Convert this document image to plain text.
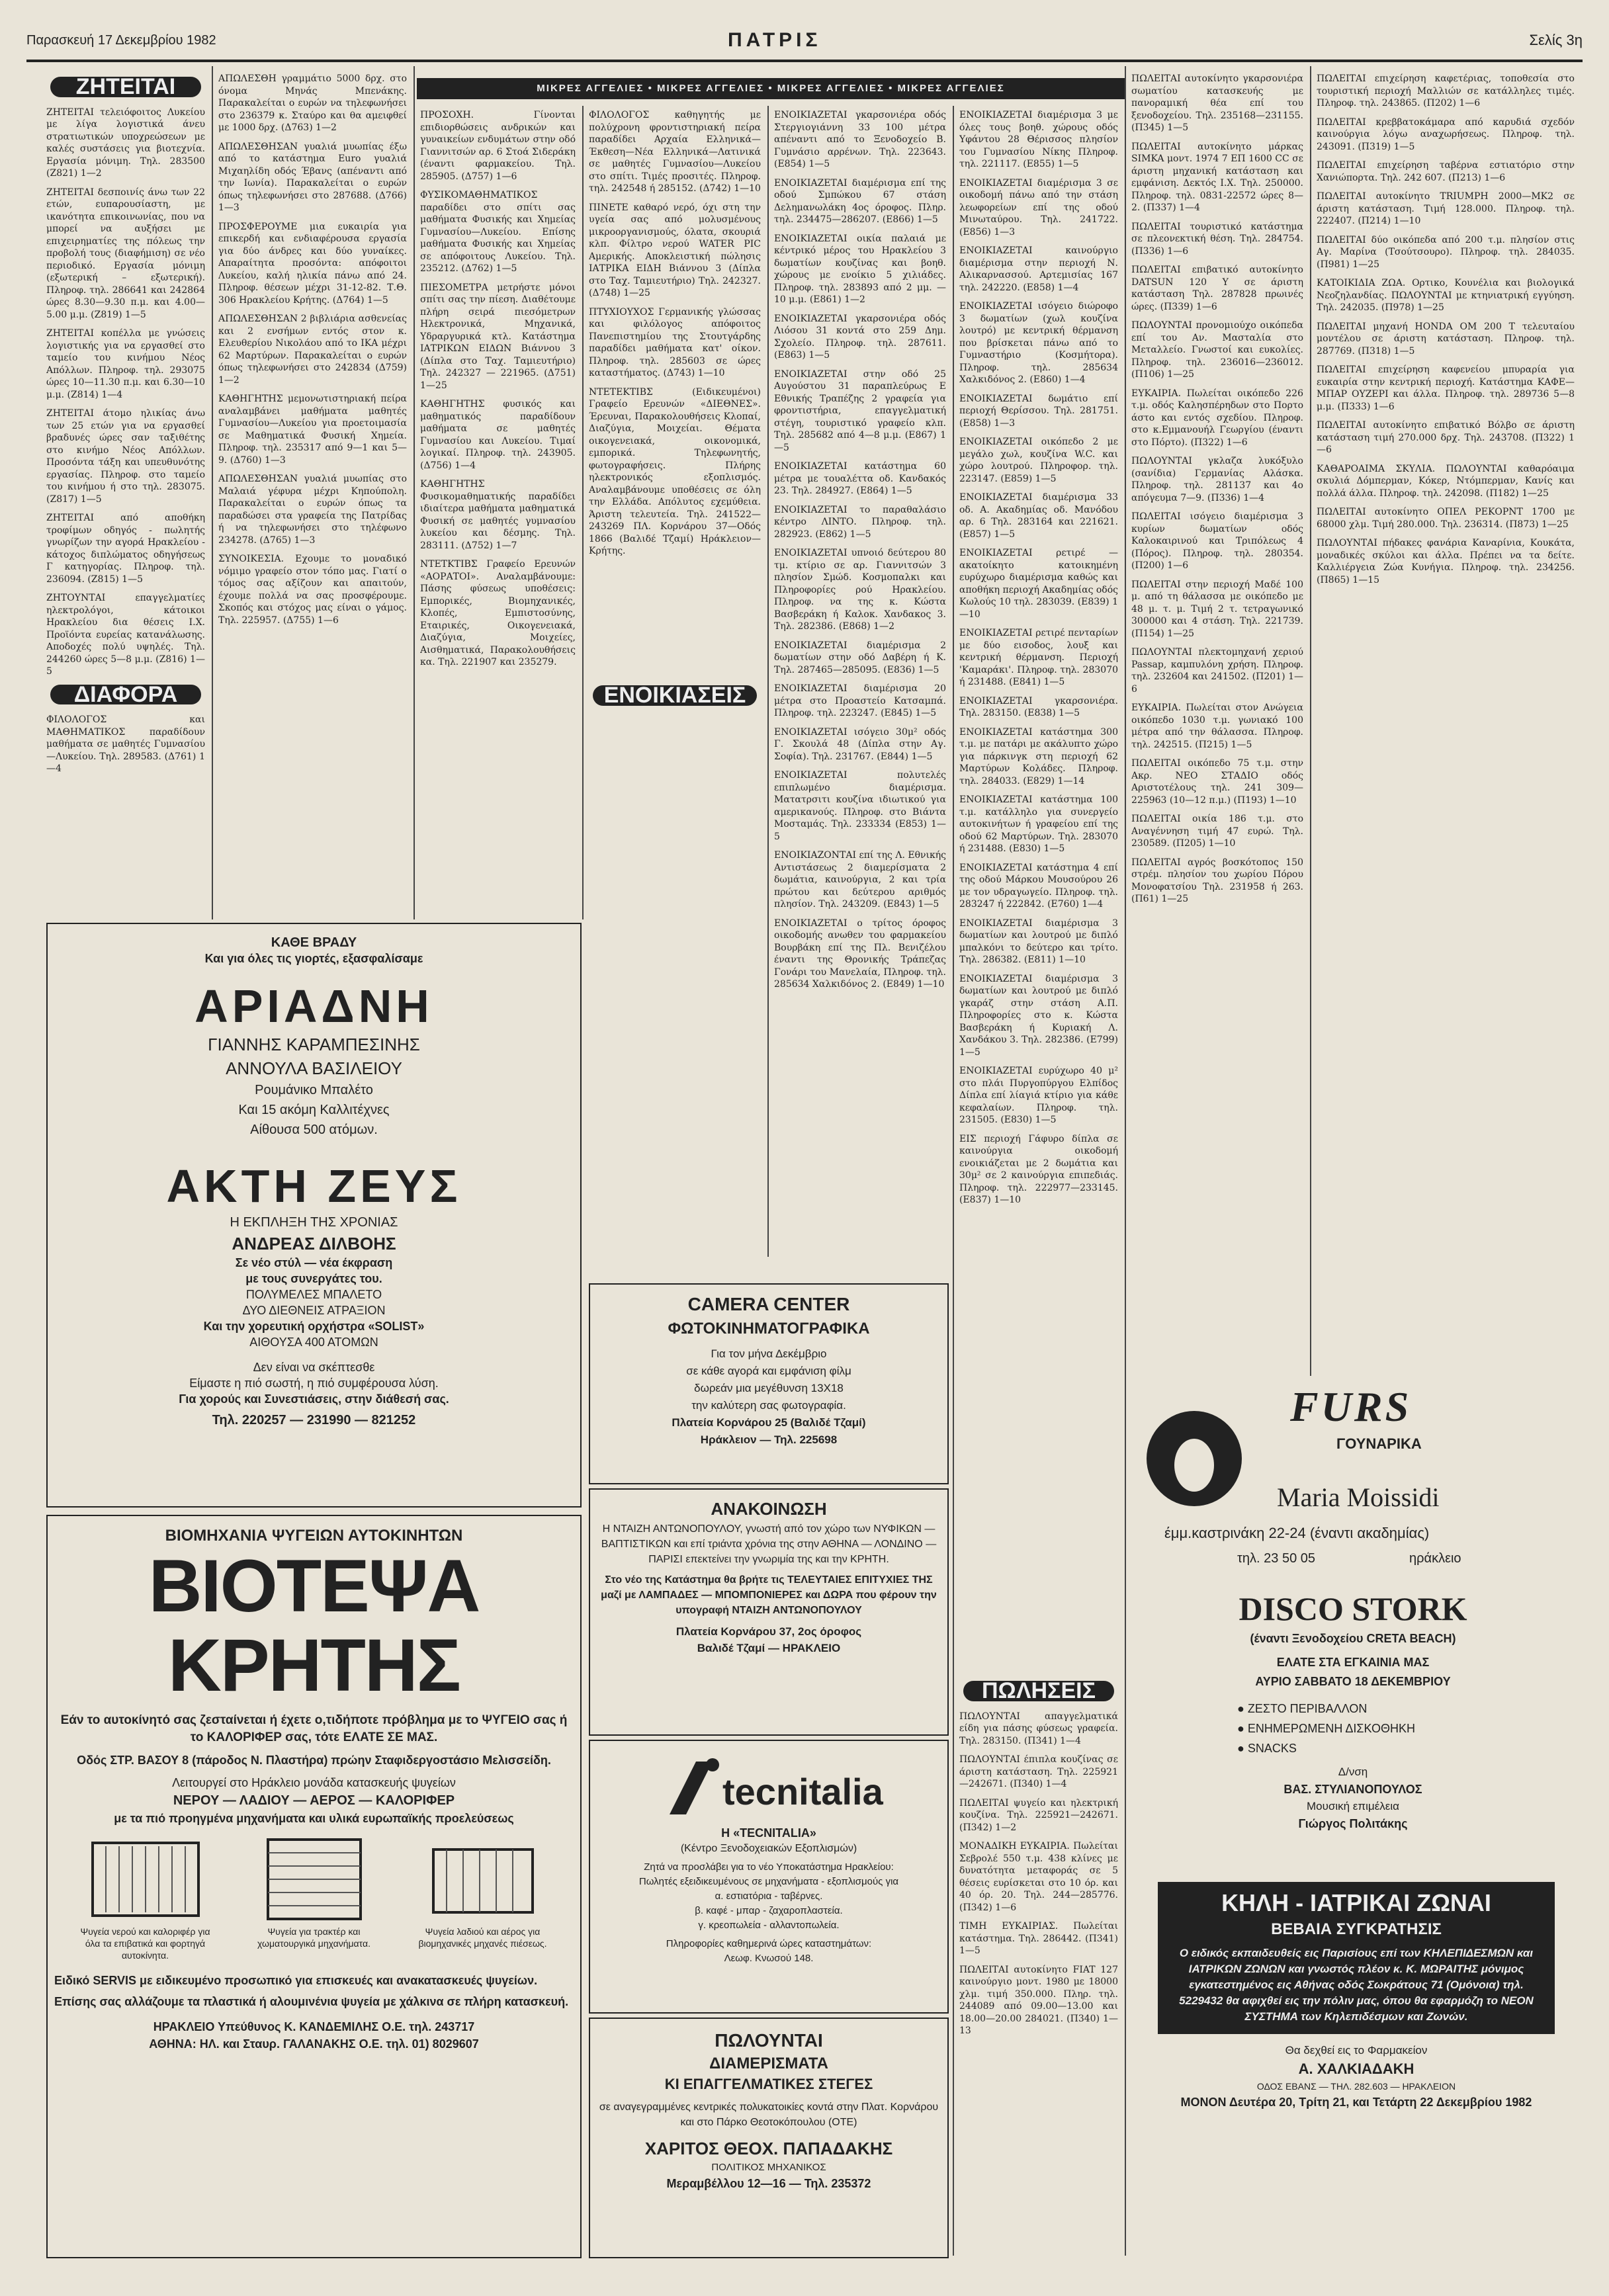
Παρασκευή 17 Δεκεμβρίου 1982	ΠΑΤΡΙΣ	Σελίς 3η
ΜΙΚΡΕΣ ΑΓΓΕΛΙΕΣ • ΜΙΚΡΕΣ ΑΓΓΕΛΙΕΣ • ΜΙΚΡΕΣ ΑΓΓΕΛΙΕΣ • ΜΙΚΡΕΣ ΑΓΓΕΛΙΕΣ
ΖΗΤΕΙΤΑΙ

ΖΗΤΕΙΤΑΙ τελειόφοιτος Λυκείου με λίγα λογιστικά άνευ στρατιωτικών υποχρεώσεων με καλές συστάσεις για βιοτεχνία. Εργασία μόνιμη. Τηλ. 283500 (Ζ821) 1—2

ΖΗΤΕΙΤΑΙ δεσποινίς άνω των 22 ετών, ευπαρουσίαστη, με ικανότητα επικοινωνίας, που να μπορεί να αυξήσει με επιχειρηματίες της πόλεως την προβολή τους (διαφήμιση) σε νέο περιοδικό. Εργασία μόνιμη (εξωτερική – εξωτερική). Πληροφ. τηλ. 286641 και 242864 ώρες 8.30—9.30 π.μ. και 4.00—5.00 μ.μ. (Ζ819) 1—5

ΖΗΤΕΙΤΑΙ κοπέλλα με γνώσεις λογιστικής για να εργασθεί στο ταμείο του κινήμου Νέος Απόλλων. Πληροφ. τηλ. 293075 ώρες 10—11.30 π.μ. και 6.30—10 μ.μ. (Ζ814) 1—4

ΖΗΤΕΙΤΑΙ άτομο ηλικίας άνω των 25 ετών για να εργασθεί βραδυνές ώρες σαν ταξιθέτης στο κινήμο Νέος Απόλλων. Προσόντα τάξη και υπευθυνότης εργασίας. Πληροφ. στο ταμείο του κινήμου ή στο τηλ. 283075. (Ζ817) 1—5

ΖΗΤΕΙΤΑΙ από αποθήκη τροφίμων οδηγός - πωλητής γνωρίζων την αγορά Ηρακλείου - κάτοχος διπλώματος οδηγήσεως Γ κατηγορίας. Πληροφ. τηλ. 236094. (Ζ815) 1—5

ΖΗΤΟΥΝΤΑΙ επαγγελματίες ηλεκτρολόγοι, κάτοικοι Ηρακλείου δια θέσεις Ι.Χ. Προϊόντα ευρείας κατανάλωσης. Αποδοχές πολύ υψηλές. Τηλ. 244260 ώρες 5—8 μ.μ. (Ζ816) 1—5

ΔΙΑΦΟΡΑ

ΦΙΛΟΛΟΓΟΣ και ΜΑΘΗΜΑΤΙΚΟΣ παραδίδουν μαθήματα σε μαθητές Γυμνασίου—Λυκείου. Τηλ. 289583. (Δ761) 1—4

ΑΠΩΛΕΣΘΗ γραμμάτιο 5000 δρχ. στο όνομα Μηνάς Μπενάκης. Παρακαλείται ο ευρών να τηλεφωνήσει στο 236379 κ. Σταύρο και θα αμειφθεί με 1000 δρχ. (Δ763) 1—2

ΑΠΩΛΕΣΘΗΣΑΝ γυαλιά μυωπίας έξω από το κατάστημα Euro γυαλιά Μιχαηλίδη οδός Έβανς (απέναντι από την Ιωνία). Παρακαλείται ο ευρών όπως τηλεφωνήσει στο 287688. (Δ766) 1—3

ΠΡΟΣΦΕΡΟΥΜΕ μια ευκαιρία για επικερδή και ενδιαφέρουσα εργασία για δύο άνδρες και δύο γυναίκες. Απαραίτητα προσόντα: απόφοιτοι Λυκείου, καλή ηλικία πάνω από 24. Πληροφ. θέσεων μέχρι 31-12-82. Τ.Θ. 306 Ηρακλείου Κρήτης. (Δ764) 1—5

ΑΠΩΛΕΣΘΗΣΑΝ 2 βιβλιάρια ασθενείας και 2 ενσήμων εντός στον κ. Ελευθερίου Νικολάου από το ΙΚΑ μέχρι 62 Μαρτύρων. Παρακαλείται ο ευρών όπως τηλεφωνήσει στο 242834 (Δ759) 1—2

ΚΑΘΗΓΗΤΗΣ μεμονωτιστηριακή πείρα αναλαμβάνει μαθήματα μαθητές Γυμνασίου—Λυκείου για προετοιμασία σε Μαθηματικά Φυσική Χημεία. Πληροφ. τηλ. 235317 από 9—1 και 5—9. (Δ760) 1—3

ΑΠΩΛΕΣΘΗΣΑΝ γυαλιά μυωπίας στο Μαλαιά γέφυρα μέχρι Κηπούπολη. Παρακαλείται ο ευρών όπως τα παραδώσει στα γραφεία της Πατρίδας ή να τηλεφωνήσει στο τηλέφωνο 234278. (Δ765) 1—3

ΣΥΝΟΙΚΕΣΙΑ. Εχουμε το μοναδικό νόμιμο γραφείο στον τόπο μας. Γιατί ο τόμος σας αξίζουν και απαιτούν, έχουμε πολλά να σας προσφέρουμε. Σκοπός και στόχος μας είναι ο γάμος. Τηλ. 225957. (Δ755) 1—6

ΠΡΟΣΟΧΗ. Γίνονται επιδιορθώσεις ανδρικών και γυναικείων ενδυμάτων στην οδό Γιαννιτσών αρ. 6 Στοά Σιδεράκη (έναντι φαρμακείου. Τηλ. 285905. (Δ757) 1—6

ΦΥΣΙΚΟΜΑΘΗΜΑΤΙΚΟΣ παραδίδει στο σπίτι σας μαθήματα Φυσικής και Χημείας Γυμνασίου—Λυκείου. Επίσης μαθήματα Φυσικής και Χημείας σε απόφοιτους Λυκείου. Τηλ. 235212. (Δ762) 1—5

ΠΙΕΣΟΜΕΤΡΑ μετρήστε μόνοι σπίτι σας την πίεση. Διαθέτουμε πλήρη σειρά πιεσόμετρων Ηλεκτρονικά, Μηχανικά, Υδραργυρικά κτλ. Κατάστημα ΙΑΤΡΙΚΩΝ ΕΙΔΩΝ Βιάννου 3 (Δίπλα στο Ταχ. Ταμιευτήριο) Τηλ. 242327 — 221965. (Δ751) 1—25

ΚΑΘΗΓΗΤΗΣ φυσικός και μαθηματικός παραδίδουν μαθήματα σε μαθητές Γυμνασίου και Λυκείου. Τιμαί λογικαί. Πληροφ. τηλ. 243905. (Δ756) 1—4

ΚΑΘΗΓΗΤΗΣ Φυσικομαθηματικής παραδίδει ιδιαίτερα μαθήματα μαθηματικά Φυσική σε μαθητές γυμνασίου λυκείου και δέσμης. Τηλ. 283111. (Δ752) 1—7

ΝΤΕΤΚΤΙΒΣ Γραφείο Ερευνών «ΑΟΡΑΤΟΙ». Αναλαμβάνουμε: Πάσης φύσεως υποθέσεις: Εμπορικές, Βιομηχανικές, Κλοπές, Εμπιστοσύνης, Εταιρικές, Οικογενειακά, Διαζύγια, Μοιχείες, Αισθηματικά, Παρακολουθήσεις κα. Τηλ. 221907 και 235279.

ΦΙΛΟΛΟΓΟΣ καθηγητής με πολύχρονη φροντιστηριακή πείρα παραδίδει Αρχαία Ελληνικά—Έκθεση—Νέα Ελληνικά—Λατινικά σε μαθητές Γυμνασίου—Λυκείου στο σπίτι. Τιμές προσιτές. Πληροφ. τηλ. 242548 ή 285152. (Δ742) 1—10

ΠΙΝΕΤΕ καθαρό νερό, όχι στη την υγεία σας από μολυσμένους μικροοργανισμούς, όλατα, σκουριά κλπ. Φίλτρο νερού WATER PIC Αμερικής. Αποκλειστική πώλησις ΙΑΤΡΙΚΑ ΕΙΔΗ Βιάννου 3 (Δίπλα στο Ταχ. Ταμιευτήριο) Τηλ. 242327. (Δ748) 1—25

ΠΤΥΧΙΟΥΧΟΣ Γερμανικής γλώσσας και φιλόλογος απόφοιτος Πανεπιστημίου της Στουτγάρδης παραδίδει μαθήματα κατ' οίκον. Πληροφ. τηλ. 285603 σε ώρες καταστήματος. (Δ743) 1—10

ΝΤΕΤΕΚΤΙΒΣ (Ειδικευμένοι) Γραφείο Ερευνών «ΔΙΕΘΝΕΣ». Έρευναι, Παρακολουθήσεις Κλοπαί, Διαζύγια, Μοιχείαι. Θέματα οικογενειακά, οικονομικά, εμπορικά. Τηλεφωνητής, φωτογραφήσεις. Πλήρης ηλεκτρονικός εξοπλισμός. Αναλαμβάνουμε υποθέσεις σε όλη την Ελλάδα. Απόλυτος εχεμύθεια. Άριστη τελευτεία. Τηλ. 241522—243269 ΠΛ. Κορνάρου 37—Οδός 1866 (Βαλιδέ Τζαμί) Ηράκλειον—Κρήτης.

ΕΝΟΙΚΙΑΣΕΙΣ

ΕΝΟΙΚΙΑΖΕΤΑΙ γκαρσονιέρα οδός Στεργιογιάννη 33 100 μέτρα απέναντι από το Ξενοδοχείο Β. Γυμνάσιο αρρένων. Τηλ. 223643. (Ε854) 1—5

ΕΝΟΙΚΙΑΖΕΤΑΙ διαμέρισμα επί της οδού Σμπώκου 67 στάση Δελημανωλάκη 4ος όροφος. Πληρ. τηλ. 234475—286207. (Ε866) 1—5

ΕΝΟΙΚΙΑΖΕΤΑΙ οικία παλαιά με κέντρικό μέρος του Ηρακλείου 3 δωματίων κουζίνας και βοηθ. χώρους με ενοίκιο 5 χιλιάδες. Πληροφ. τηλ. 283893 από 2 μμ. —10 μ.μ. (Ε861) 1—2

ΕΝΟΙΚΙΑΖΕΤΑΙ γκαρσονιέρα οδός Λιόσου 31 κοντά στο 259 Δημ. Σχολείο. Πληροφ. τηλ. 287611. (Ε863) 1—5

ΕΝΟΙΚΙΑΖΕΤΑΙ στην οδό 25 Αυγούστου 31 παραπλεύρως Ε Εθνικής Τραπέζης 2 γραφεία για φροντιστήρια, επαγγελματική στέγη, τουριστικό γραφείο κλπ. Τηλ. 285682 από 4—8 μ.μ. (Ε867) 1—5

ΕΝΟΙΚΙΑΖΕΤΑΙ κατάστημα 60 μέτρα με τουαλέττα οδ. Κανδακός 23. Τηλ. 284927. (Ε864) 1—5

ΕΝΟΙΚΙΑΖΕΤΑΙ το παραθαλάσιο κέντρο ΛΙΝΤΟ. Πληροφ. τηλ. 282923. (Ε862) 1—5

ΕΝΟΙΚΙΑΖΕΤΑΙ υπνοιό δεύτερου 80 τμ. κτίριο σε αρ. Γιαννιτσών 3 πλησίον Σμώδ. Κοσμοπαλκι και Πληροφορίες ρού Ηρακλείου. Πληροφ. να της κ. Κώστα Βασβεράκη ή Καλοκ. Χανδακος 3. Τηλ. 282386. (Ε868) 1—2

ΕΝΟΙΚΙΑΖΕΤΑΙ διαμέρισμα 2 δωματίων στην οδό Δαβέρη ή Κ. Τηλ. 287465—285095. (Ε836) 1—5

ΕΝΟΙΚΙΑΖΕΤΑΙ διαμέρισμα 20 μέτρα στο Προαστείο Κατσαμπά. Πληροφ. τηλ. 223247. (Ε845) 1—5

ΕΝΟΙΚΙΑΖΕΤΑΙ ισόγειο 30μ² οδός Γ. Σκουλά 48 (Δίπλα στην Αγ. Σοφία). Τηλ. 231767. (Ε844) 1—5

ΕΝΟΙΚΙΑΖΕΤΑΙ πολυτελές επιπλωμένο διαμέρισμα. Ματατρσιτι κουζίνα ιδιωτικού για αμερικανούς. Πληροφ. στο Βιάντα Μοσταμάς. Τηλ. 233334 (Ε853) 1—5

ΕΝΟΙΚΙΑΖΟΝΤΑΙ επί της Λ. Εθνικής Αντιστάσεως 2 διαμερίσματα 2 δωμάτια, καινούργια, 2 και τρία πρώτου και δεύτερου αριθμός πλησίον. Τηλ. 243209. (Ε843) 1—5

ΕΝΟΙΚΙΑΖΕΤΑΙ ο τρίτος όροφος οικοδομής ανωθεν του φαρμακείου Βουρβάκη επί της Πλ. Βενιζέλου έναντι της Θρονικής Τράπεζας Γονάρι του Μανελαία, Πληροφ. τηλ. 285634 Χαλκιδόνος 2. (Ε849) 1—10

ΕΝΟΙΚΙΑΖΕΤΑΙ διαμέρισμα 3 με όλες τους βοηθ. χώρους οδός Υφάντου 28 Θέρισσος πλησίον του Γυμνασίου Νίκης Πληροφ. τηλ. 221117. (Ε855) 1—5

ΕΝΟΙΚΙΑΖΕΤΑΙ διαμέρισμα 3 σε οικοδομή πάνω από την στάση λεωφορείων επί της οδού Μινωταύρου. Τηλ. 241722. (Ε856) 1—3

ΕΝΟΙΚΙΑΖΕΤΑΙ καινούργιο διαμέρισμα στην περιοχή Ν. Αλικαρνασσού. Αρτεμισίας 167 τηλ. 242220. (Ε858) 1—4

ΕΝΟΙΚΙΑΖΕΤΑΙ ισόγειο διώροφο 3 δωματίων (χωλ κουζίνα λουτρό) με κεντρική θέρμανση που βρίσκεται πάνω από το Γυμναστήριο (Κοσμήτορα). Πληροφ. τηλ. 285634 Χαλκιδόνος 2. (Ε860) 1—4

ΕΝΟΙΚΙΑΖΕΤΑΙ δωμάτιο επί περιοχή Θερίσσου. Τηλ. 281751. (Ε858) 1—3

ΕΝΟΙΚΙΑΖΕΤΑΙ οικόπεδο 2 με μεγάλο χωλ, κουζίνα W.C. και χώρο λουτρού. Πληροφορ. τηλ. 223147. (Ε859) 1—5

ΕΝΟΙΚΙΑΖΕΤΑΙ διαμέρισμα 33 οδ. Α. Ακαδημίας οδ. Μανόδου αρ. 6 Τηλ. 283164 και 221621. (Ε857) 1—5

ΕΝΟΙΚΙΑΖΕΤΑΙ ρετιρέ —ακατοίκητο κατοικημένη ευρύχωρο διαμέρισμα καθώς και αποθήκη περιοχή Ακαδημίας οδός Κωλούς 10 τηλ. 283039. (Ε839) 1—10

ΕΝΟΙΚΙΑΖΕΤΑΙ ρετιρέ πενταρίων με δύο εισοδος, λουξ και κεντρική θέρμανση. Περιοχή 'Καμαράκι'. Πληροφ. τηλ. 283070 ή 231488. (Ε841) 1—5

ΕΝΟΙΚΙΑΖΕΤΑΙ γκαρσονιέρα. Τηλ. 283150. (Ε838) 1—5

ΕΝΟΙΚΙΑΖΕΤΑΙ κατάστημα 300 τ.μ. με πατάρι με ακάλυπτο χώρο για πάρκινγκ στη περιοχή 62 Μαρτύρων Κολάδες. Πληροφ. τηλ. 284033. (Ε829) 1—14

ΕΝΟΙΚΙΑΖΕΤΑΙ κατάστημα 100 τ.μ. κατάλληλο για συνεργείο αυτοκινήτων ή γραφείου επί της οδού 62 Μαρτύρων. Τηλ. 283070 ή 231488. (Ε830) 1—5

ΕΝΟΙΚΙΑΖΕΤΑΙ κατάστημα 4 επί της οδού Μάρκου Μουσούρου 26 με τον υδραγωγείο. Πληροφ. τηλ. 283247 ή 222842. (Ε760) 1—4

ΕΝΟΙΚΙΑΖΕΤΑΙ διαμέρισμα 3 δωματίων και λουτρού με διπλό μπαλκόνι το δεύτερο και τρίτο. Τηλ. 286382. (Ε811) 1—10

ΕΝΟΙΚΙΑΖΕΤΑΙ διαμέρισμα 3 δωματίων και λουτρού με διπλό γκαράζ στην στάση Α.Π. Πληροφορίες στο κ. Κώστα Βασβεράκη ή Κυριακή Λ. Χανδάκου 3. Τηλ. 282386. (Ε799) 1—5

ΕΝΟΙΚΙΑΖΕΤΑΙ ευρύχωρο 40 μ² στο πλάι Πυργοπύργου Ελπίδος Δίπλα επί λίαγιά κτίριο για κάθε κεφαλαίων. Πληροφ. τηλ. 231505. (Ε830) 1—5

ΕΙΣ περιοχή Γάφυρο δίπλα σε καινούργια οικοδομή ενοικιάζεται με 2 δωμάτια και 30μ² σε 2 καινούργια επιπεδιάς. Πληροφ. τηλ. 222977—233145. (Ε837) 1—10

ΠΩΛΗΣΕΙΣ

ΠΩΛΟΥΝΤΑΙ απαγγελματικά είδη για πάσης φύσεως γραφεία. Τηλ. 283150. (Π341) 1—4

ΠΩΛΟΥΝΤΑΙ έπιπλα κουζίνας σε άριστη κατάσταση. Τηλ. 225921—242671. (Π340) 1—4

ΠΩΛΕΙΤΑΙ ψυγείο και ηλεκτρική κουζίνα. Τηλ. 225921—242671. (Π342) 1—2

ΜΟΝΑΔΙΚΗ ΕΥΚΑΙΡΙΑ. Πωλείται Σεβρολέ 550 τ.μ. 438 κλίνες με δυνατότητα μεταφοράς σε 5 θέσεις ευρίσκεται στο 10 όρ. και 40 όρ. 20. Τηλ. 244—285776. (Π342) 1—6

ΤΙΜΗ ΕΥΚΑΙΡΙΑΣ. Πωλείται κατάστημα. Τηλ. 286442. (Π341) 1—5

ΠΩΛΕΙΤΑΙ αυτοκίνητο FIAT 127 καινούργιο μοντ. 1980 με 18000 χλμ. τιμή 350.000. Πληρ. τηλ. 244089 από 09.00—13.00 και 18.00—20.00 284021. (Π340) 1—13

ΠΩΛΕΙΤΑΙ αυτοκίνητο γκαρσονιέρα σωματίου κατασκευής με πανοραμική θέα επί του ξενοδοχείου. Τηλ. 235168—231155. (Π345) 1—5

ΠΩΛΕΙΤΑΙ αυτοκίνητο μάρκας SIMKA μοντ. 1974 7 ΕΠ 1600 CC σε άριστη μηχανική κατάσταση και εμφάνιση. Δεκτός Ι.Χ. Τηλ. 250000. Πληροφ. τηλ. 0831-22572 ώρες 8—2. (Π337) 1—4

ΠΩΛΕΙΤΑΙ τουριστικό κατάστημα σε πλεονεκτική θέση. Τηλ. 284754. (Π336) 1—6

ΠΩΛΕΙΤΑΙ επιβατικό αυτοκίνητο DATSUN 120 Y σε άριστη κατάσταση Τηλ. 287828 πρωινές ώρες. (Π339) 1—6

ΠΩΛΟΥΝΤΑΙ προνομιούχο οικόπεδα επί του Αν. Μασταλία στο Μεταλλείο. Γνωστοί και ευκολίες. Πληροφ. τηλ. 236016—236012. (Π106) 1—25

ΕΥΚΑΙΡΙΑ. Πωλείται οικόπεδο 226 τ.μ. οδός Καλησπέρηδων στο Πορτο άστο και εντός σχεδίου. Πληροφ. στο κ.Εμμανουήλ Γεωργίου (έναντι στο Πόρτο). (Π322) 1—6

ΠΩΛΟΥΝΤΑΙ γκλαζα λυκόξυλο (σανίδια) Γερμανίας Αλάσκα. Πληροφ. τηλ. 281137 και 4ο απόγευμα 7—9. (Π336) 1—4

ΠΩΛΕΙΤΑΙ ισόγειο διαμέρισμα 3 κυρίων δωματίων οδός Καλοκαιρινού και Τριπόλεως 4 (Πόρος). Πληροφ. τηλ. 280354. (Π200) 1—6

ΠΩΛΕΙΤΑΙ στην περιοχή Μαδέ 100 μ. από τη θάλασσα με οικόπεδο με 48 μ. τ. μ. Τιμή 2 τ. τετραγωνικό 300000 και 4 στάση. Τηλ. 221739. (Π154) 1—25

ΠΩΛΟΥΝΤΑΙ πλεκτομηχανή χεριού Passap, καμπυλόνη χρήση. Πληροφ. τηλ. 232604 και 241502. (Π201) 1—6

ΕΥΚΑΙΡΙΑ. Πωλείται στον Ανώγεια οικόπεδο 1030 τ.μ. γωνιακό 100 μέτρα από την θάλασσα. Πληροφ. τηλ. 242515. (Π215) 1—5

ΠΩΛΕΙΤΑΙ οικόπεδο 75 τ.μ. στην Ακρ. ΝΕΟ ΣΤΑΔΙΟ οδός Αριστοτέλους τηλ. 241 309—225963 (10—12 π.μ.) (Π193) 1—10

ΠΩΛΕΙΤΑΙ οικία 186 τ.μ. στο Αναγέννηση τιμή 47 ευρώ. Τηλ. 230589. (Π205) 1—10

ΠΩΛΕΙΤΑΙ αγρός βοσκότοπος 150 στρέμ. πλησίον του χωρίου Πόρου Μονοφατσίου Τηλ. 231958 ή 263. (Π61) 1—25

ΠΩΛΕΙΤΑΙ επιχείρηση καφετέριας, τοποθεσία στο τουριστική περιοχή Μαλλιών σε κατάλληλες τιμές. Πληροφ. τηλ. 243865. (Π202) 1—6

ΠΩΛΕΙΤΑΙ κρεββατοκάμαρα από καρυδιά σχεδόν καινούργια λόγω αναχωρήσεως. Πληροφ. τηλ. 243091. (Π319) 1—5

ΠΩΛΕΙΤΑΙ επιχείρηση ταβέρνα εστιατόριο στην Χανιώπορτα. Τηλ. 242 607. (Π213) 1—6

ΠΩΛΕΙΤΑΙ αυτοκίνητο TRIUMPH 2000—ΜΚ2 σε άριστη κατάσταση. Τιμή 128.000. Πληροφ. τηλ. 222407. (Π214) 1—10

ΠΩΛΕΙΤΑΙ δύο οικόπεδα από 200 τ.μ. πλησίον στις Αγ. Μαρίνα (Τσούτσουρο). Πληροφ. τηλ. 284035. (Π981) 1—25

ΚΑΤΟΙΚΙΔΙΑ ΖΩΑ. Ορτικο, Κουνέλια και βιολογικά Νεοζηλανδίας. ΠΩΛΟΥΝΤΑΙ με κτηνιατρική εγγύηση. Τηλ. 242035. (Π978) 1—25

ΠΩΛΕΙΤΑΙ μηχανή HONDA ΟΜ 200 Τ τελευταίου μοντέλου σε άριστη κατάσταση. Πληροφ. τηλ. 287769. (Π318) 1—5

ΠΩΛΕΙΤΑΙ επιχείρηση καφενείου μπυραρία για ευκαιρία στην κεντρική περιοχή. Κατάστημα ΚΑΦΕ—ΜΠΑΡ ΟΥΖΕΡΙ και άλλα. Πληροφ. τηλ. 289736 5—8 μ.μ. (Π333) 1—6

ΠΩΛΕΙΤΑΙ αυτοκίνητο επιβατικό Βόλβο σε άριστη κατάσταση τιμή 270.000 δρχ. Τηλ. 243708. (Π322) 1—6

ΚΑΘΑΡΟΑΙΜΑ ΣΚΥΛΙΑ. ΠΩΛΟΥΝΤΑΙ καθαρόαιμα σκυλιά Δόμπερμαν, Κόκερ, Ντόμπερμαν, Κανίς και πολλά άλλα. Πληροφ. τηλ. 242098. (Π182) 1—25

ΠΩΛΕΙΤΑΙ αυτοκίνητο ΟΠΕΛ ΡΕΚΟΡΝΤ 1700 με 68000 χλμ. Τιμή 280.000. Τηλ. 236314. (Π873) 1—25

ΠΩΛΟΥΝΤΑΙ πήδακες φανάρια Καναρίνια, Κουκάτα, μοναδικές σκύλοι και άλλα. Πρέπει να τα δείτε. Καλλιέργεια Ζώα Κυνήγια. Πληροφ. τηλ. 234256. (Π865) 1—15

ΚΑΘΕ ΒΡΑΔΥ
Και για όλες τις γιορτές, εξασφαλίσαμε
ΑΡΙΑΔΝΗ
ΓΙΑΝΝΗΣ ΚΑΡΑΜΠΕΣΙΝΗΣ
ΑΝΝΟΥΛΑ ΒΑΣΙΛΕΙΟΥ
Ρουμάνικο Μπαλέτο
Και 15 ακόμη Καλλιτέχνες
Αίθουσα 500 ατόμων.
ΑΚΤΗ ΖΕΥΣ
Η ΕΚΠΛΗΞΗ ΤΗΣ ΧΡΟΝΙΑΣ
ΑΝΔΡΕΑΣ ΔΙΛΒΟΗΣ
Σε νέο στύλ — νέα έκφραση
με τους συνεργάτες του.
ΠΟΛΥΜΕΛΕΣ ΜΠΑΛΕΤΟ
ΔΥΟ ΔΙΕΘΝΕΙΣ ΑΤΡΑΞΙΟΝ
Και την χορευτική ορχήστρα «SOLIST»
ΑΙΘΟΥΣΑ 400 ΑΤΟΜΩΝ
Δεν είναι να σκέπτεσθε
Είμαστε η πιό σωστή, η πιό συμφέρουσα λύση.
Για χορούς και Συνεστιάσεις, στην διάθεσή σας.
Τηλ. 220257 — 231990 — 821252
ΒΙΟΜΗΧΑΝΙΑ ΨΥΓΕΙΩΝ ΑΥΤΟΚΙΝΗΤΩΝ
ΒΙΟΤΕΨΑ
ΚΡΗΤΗΣ
Εάν το αυτοκίνητό σας ζεσταίνεται ή έχετε ο,τιδήποτε πρόβλημα με το ΨΥΓΕΙΟ σας ή το ΚΑΛΟΡΙΦΕΡ σας, τότε ΕΛΑΤΕ ΣΕ ΜΑΣ.
Οδός ΣΤΡ. ΒΑΣΟΥ 8 (πάροδος Ν. Πλαστήρα) πρώην Σταφιδεργοστάσιο Μελισσείδη.
Λειτουργεί στο Ηράκλειο μονάδα κατασκευής ψυγείων
ΝΕΡΟΥ — ΛΑΔΙΟΥ — ΑΕΡΟΣ — ΚΑΛΟΡΙΦΕΡ
με τα πιό προηγμένα μηχανήματα και υλικά ευρωπαϊκής προελεύσεως
Ψυγεία νερού και καλοριφέρ για όλα τα επιβατικά και φορτηγά αυτοκίνητα.
Ψυγεία για τρακτέρ και χωματουργικά μηχανήματα.
Ψυγεία λαδιού και αέρος για βιομηχανικές μηχανές πιέσεως.
Ειδικό SERVIS με ειδικευμένο προσωπικό για επισκευές και ανακατασκευές ψυγείων.
Επίσης σας αλλάζουμε τα πλαστικά ή αλουμινένια ψυγεία με χάλκινα σε πλήρη κατασκευή.
ΗΡΑΚΛΕΙΟ Υπεύθυνος Κ. ΚΑΝΔΕΜΙΛΗΣ Ο.Ε. τηλ. 243717
ΑΘΗΝΑ: ΗΛ. και Σταυρ. ΓΑΛΑΝΑΚΗΣ Ο.Ε. τηλ. 01) 8029607
CAMERA CENTER
ΦΩΤΟΚΙΝΗΜΑΤΟΓΡΑΦΙΚΑ
Για τον μήνα Δεκέμβριο
σε κάθε αγορά και εμφάνιση φίλμ
δωρεάν μια μεγέθυνση 13Χ18
την καλύτερη σας φωτογραφία.
Πλατεία Κορνάρου 25 (Βαλιδέ Τζαμί)
Ηράκλειον — Τηλ. 225698
ΑΝΑΚΟΙΝΩΣΗ
Η ΝΤΑΙΖΗ ΑΝΤΩΝΟΠΟΥΛΟΥ, γνωστή από τον χώρο των ΝΥΦΙΚΩΝ — ΒΑΠΤΙΣΤΙΚΩΝ και επί τριάντα χρόνια της στην ΑΘΗΝΑ — ΛΟΝΔΙΝΟ — ΠΑΡΙΣΙ επεκτείνει την γνωριμία της και την ΚΡΗΤΗ.
Στο νέο της Κατάστημα θα βρήτε τις ΤΕΛΕΥΤΑΙΕΣ ΕΠΙΤΥΧΙΕΣ ΤΗΣ μαζί με ΛΑΜΠΑΔΕΣ — ΜΠΟΜΠΟΝΙΕΡΕΣ και ΔΩΡΑ που φέρουν την υπογραφή ΝΤΑΙΖΗ ΑΝΤΩΝΟΠΟΥΛΟΥ
Πλατεία Κορνάρου 37, 2ος όροφος
Βαλιδέ Τζαμί — ΗΡΑΚΛΕΙΟ
tecnitalia
Η «TECNITALIA»
(Κέντρο Ξενοδοχειακών Εξοπλισμών)
Ζητά να προσλάβει για το νέο Υποκατάστημα Ηρακλείου:
Πωλητές εξειδικευμένους σε μηχανήματα - εξοπλισμούς για
α. εστιατόρια - ταβέρνες.
β. καφέ - μπαρ - ζαχαροπλαστεία.
γ. κρεοπωλεία - αλλαντοπωλεία.
Πληροφορίες καθημερινά ώρες καταστημάτων:
Λεωφ. Κνωσού 148.
ΠΩΛΟΥΝΤΑΙ
ΔΙΑΜΕΡΙΣΜΑΤΑ
ΚΙ ΕΠΑΓΓΕΛΜΑΤΙΚΕΣ ΣΤΕΓΕΣ
σε αναγεγραμμένες κεντρικές πολυκατοικίες κοντά στην Πλατ. Κορνάρου και στο Πάρκο Θεοτοκόπουλου (ΟΤΕ)
ΧΑΡΙΤΟΣ ΘΕΟΧ. ΠΑΠΑΔΑΚΗΣ
ΠΟΛΙΤΙΚΟΣ ΜΗΧΑΝΙΚΟΣ
Μεραμβέλλου 12—16 — Τηλ. 235372
FURS
ΓΟΥΝΑΡΙΚΑ
Maria Moissidi
έμμ.καστρινάκη 22-24 (έναντι ακαδημίας)
τηλ. 23 50 05	ηράκλειο
DISCO STORK
(έναντι Ξενοδοχείου CRETA BEACH)
ΕΛΑΤΕ ΣΤΑ ΕΓΚΑΙΝΙΑ ΜΑΣ
ΑΥΡΙΟ ΣΑΒΒΑΤΟ 18 ΔΕΚΕΜΒΡΙΟΥ
● ΖΕΣΤΟ ΠΕΡΙΒΑΛΛΟΝ
● ΕΝΗΜΕΡΩΜΕΝΗ ΔΙΣΚΟΘΗΚΗ
● SNACKS
Δ/νση
ΒΑΣ. ΣΤΥΛΙΑΝΟΠΟΥΛΟΣ
Μουσική επιμέλεια
Γιώργος Πολιτάκης
ΚΗΛΗ - ΙΑΤΡΙΚΑΙ ΖΩΝΑΙ
ΒΕΒΑΙΑ ΣΥΓΚΡΑΤΗΣΙΣ
Ο ειδικός εκπαιδευθείς εις Παρισίους επί των ΚΗΛΕΠΙΔΕΣΜΩΝ και ΙΑΤΡΙΚΩΝ ΖΩΝΩΝ και γνωστός πλέον κ. Κ. ΜΩΡΑΙΤΗΣ μόνιμος εγκατεστημένος εις Αθήνας οδός Σωκράτους 71 (Ομόνοια) τηλ. 5229432 θα αφιχθεί εις την πόλιν μας, όπου θα εφαρμόζη το ΝΕΟΝ ΣΥΣΤΗΜΑ των Κηλεπιδέσμων και Ζωνών.
Θα δεχθεί εις το Φαρμακείον
Α. ΧΑΛΚΙΑΔΑΚΗ
ΟΔΟΣ ΕΒΑΝΣ — ΤΗΛ. 282.603 — ΗΡΑΚΛΕΙΟΝ
ΜΟΝΟΝ Δευτέρα 20, Τρίτη 21, και Τετάρτη 22 Δεκεμβρίου 1982
